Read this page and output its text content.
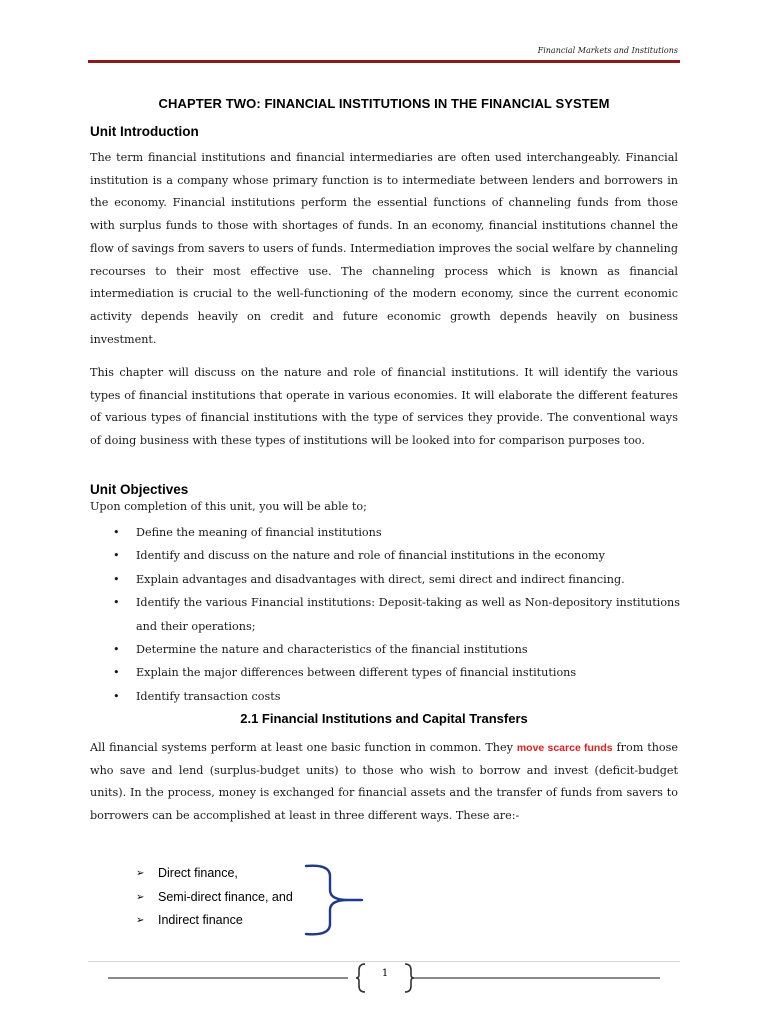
Financial Markets and Institutions
CHAPTER TWO: FINANCIAL INSTITUTIONS IN THE FINANCIAL SYSTEM
Unit Introduction
The term financial institutions and financial intermediaries are often used interchangeably. Financial institution is a company whose primary function is to intermediate between lenders and borrowers in the economy. Financial institutions perform the essential functions of channeling funds from those with surplus funds to those with shortages of funds. In an economy, financial institutions channel the flow of savings from savers to users of funds. Intermediation improves the social welfare by channeling recourses to their most effective use. The channeling process which is known as financial intermediation is crucial to the well-functioning of the modern economy, since the current economic activity depends heavily on credit and future economic growth depends heavily on business investment.
This chapter will discuss on the nature and role of financial institutions. It will identify the various types of financial institutions that operate in various economies. It will elaborate the different features of various types of financial institutions with the type of services they provide. The conventional ways of doing business with these types of institutions will be looked into for comparison purposes too.
Unit Objectives
Upon completion of this unit, you will be able to;
• Define the meaning of financial institutions
• Identify and discuss on the nature and role of financial institutions in the economy
• Explain advantages and disadvantages with direct, semi direct and indirect financing.
• Identify the various Financial institutions: Deposit-taking as well as Non-depository institutions and their operations;
• Determine the nature and characteristics of the financial institutions
• Explain the major differences between different types of financial institutions
• Identify transaction costs
2.1 Financial Institutions and Capital Transfers
All financial systems perform at least one basic function in common. They move scarce funds from those who save and lend (surplus-budget units) to those who wish to borrow and invest (deficit-budget units). In the process, money is exchanged for financial assets and the transfer of funds from savers to borrowers can be accomplished at least in three different ways. These are:-
➢ Direct finance,
➢ Semi-direct finance, and
➢ Indirect finance
1
